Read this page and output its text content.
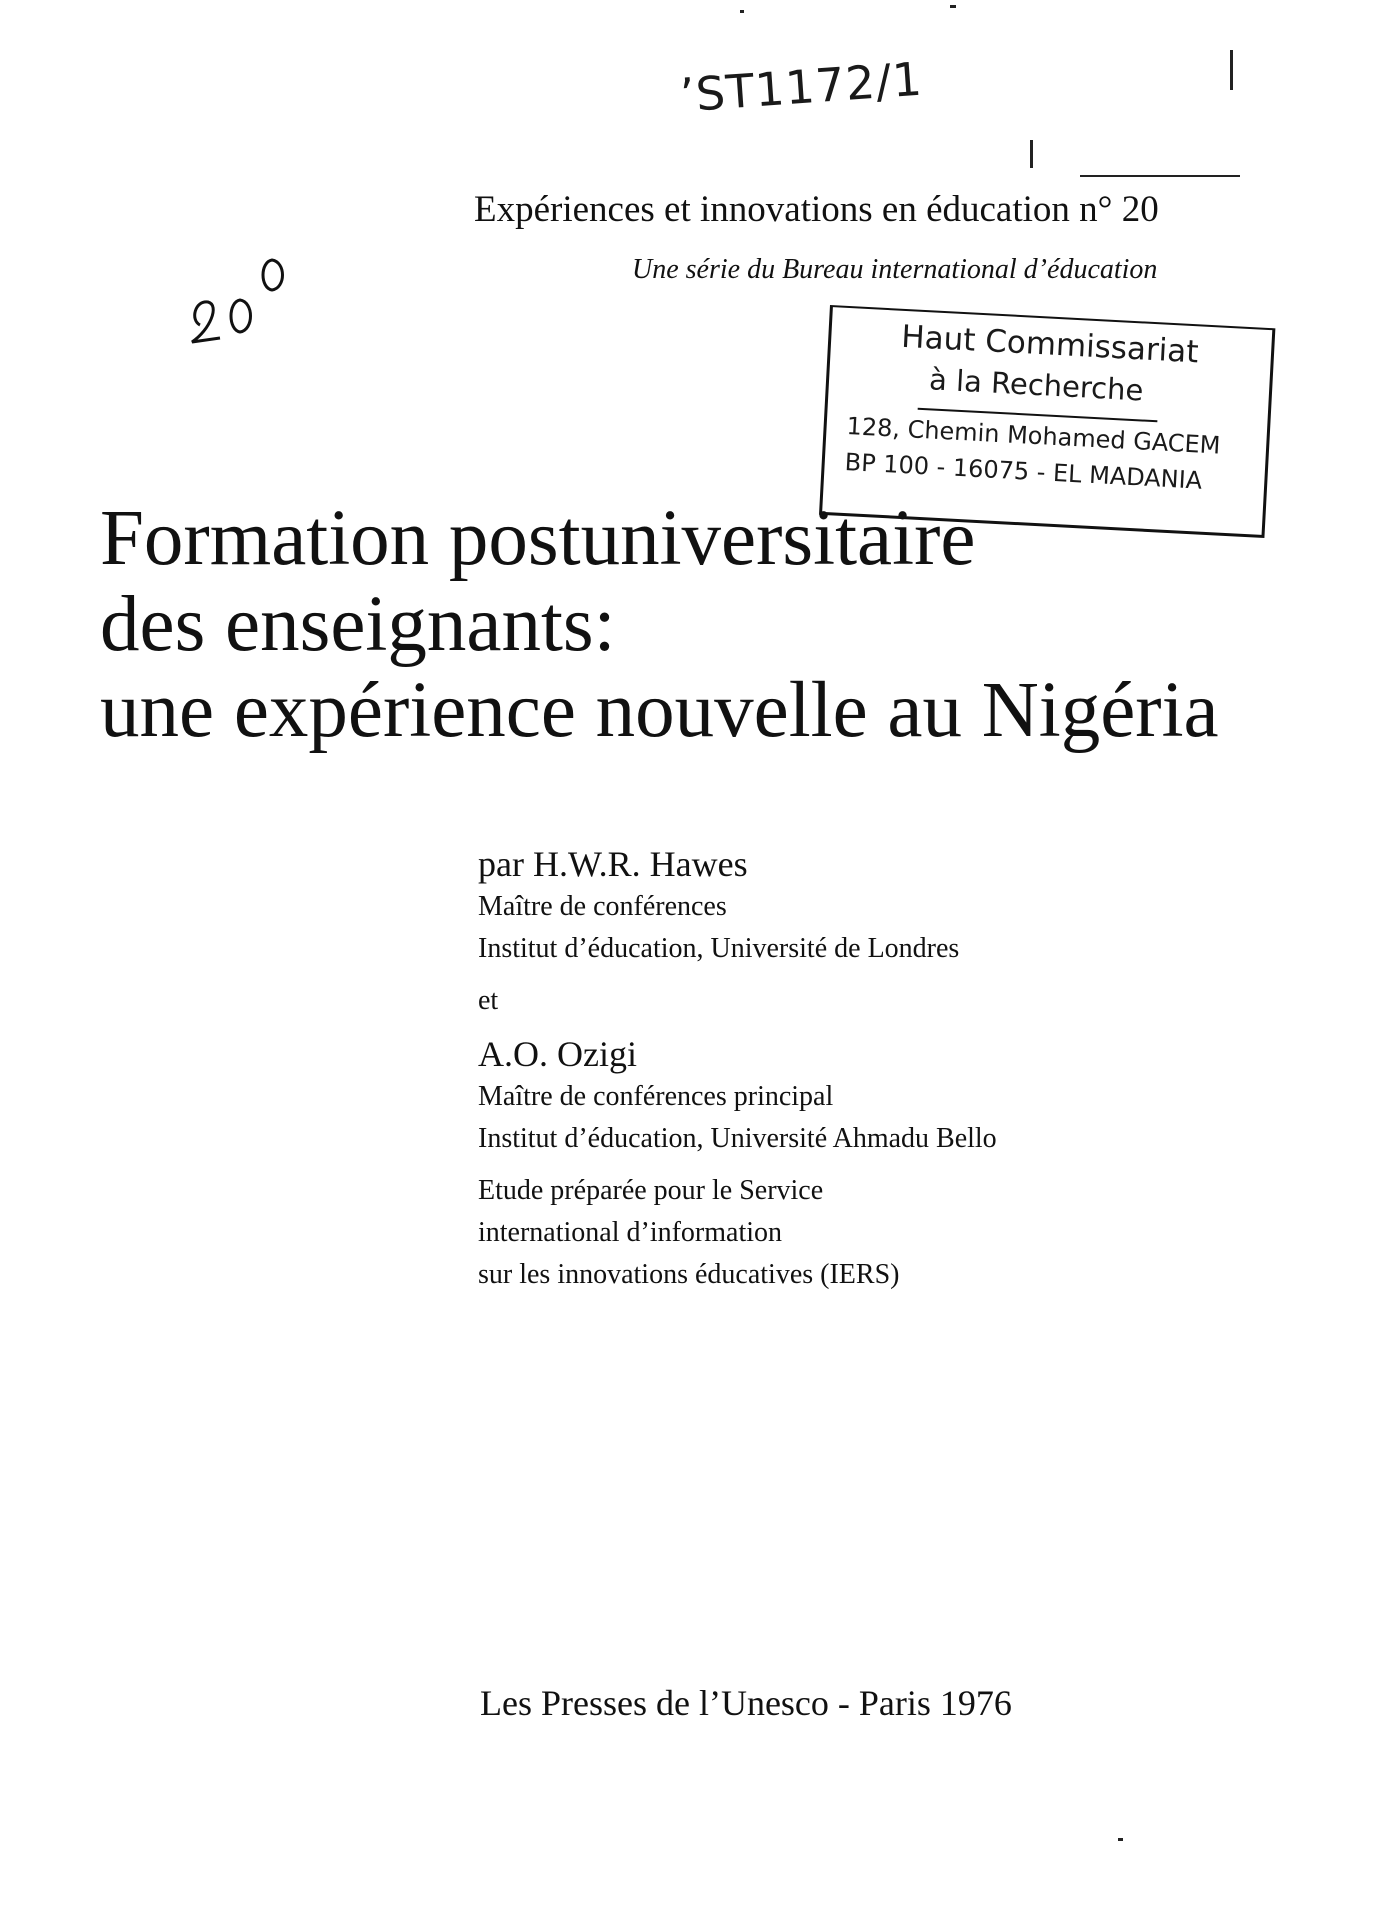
’ST1172/1
Expériences et innovations en éducation n° 20
Une série du Bureau international d’éducation
Haut Commissariat
à la Recherche
128, Chemin Mohamed GACEM
BP 100 - 16075 - EL MADANIA
Formation postuniversitaire
des enseignants:
une expérience nouvelle au Nigéria
par H.W.R. Hawes
Maître de conférences
Institut d’éducation, Université de Londres
et
A.O. Ozigi
Maître de conférences principal
Institut d’éducation, Université Ahmadu Bello
Etude préparée pour le Service
international d’information
sur les innovations éducatives (IERS)
Les Presses de l’Unesco - Paris 1976
